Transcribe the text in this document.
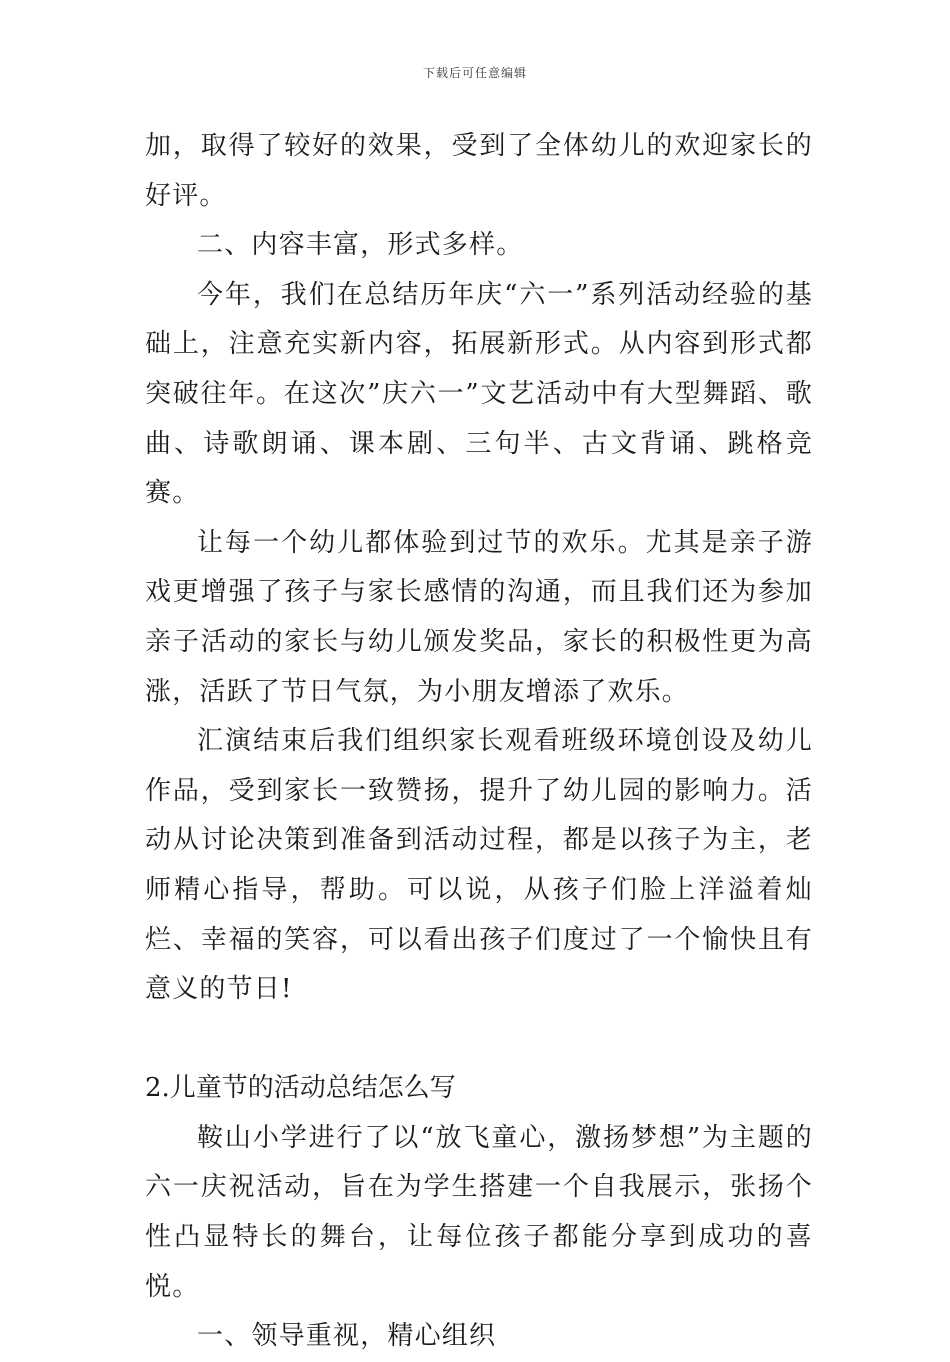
下载后可任意编辑

加，取得了较好的效果，受到了全体幼儿的欢迎家长的好评。

二、内容丰富，形式多样。

今年，我们在总结历年庆“六一”系列活动经验的基础上，注意充实新内容，拓展新形式。从内容到形式都突破往年。在这次”庆六一”文艺活动中有大型舞蹈、歌曲、诗歌朗诵、课本剧、三句半、古文背诵、跳格竞赛。

让每一个幼儿都体验到过节的欢乐。尤其是亲子游戏更增强了孩子与家长感情的沟通，而且我们还为参加亲子活动的家长与幼儿颁发奖品，家长的积极性更为高涨，活跃了节日气氛，为小朋友增添了欢乐。

汇演结束后我们组织家长观看班级环境创设及幼儿作品，受到家长一致赞扬，提升了幼儿园的影响力。活动从讨论决策到准备到活动过程，都是以孩子为主，老师精心指导，帮助。可以说，从孩子们脸上洋溢着灿烂、幸福的笑容，可以看出孩子们度过了一个愉快且有意义的节日!

2.儿童节的活动总结怎么写

鞍山小学进行了以“放飞童心，激扬梦想”为主题的六一庆祝活动，旨在为学生搭建一个自我展示，张扬个性凸显特长的舞台，让每位孩子都能分享到成功的喜悦。

一、领导重视，精心组织
